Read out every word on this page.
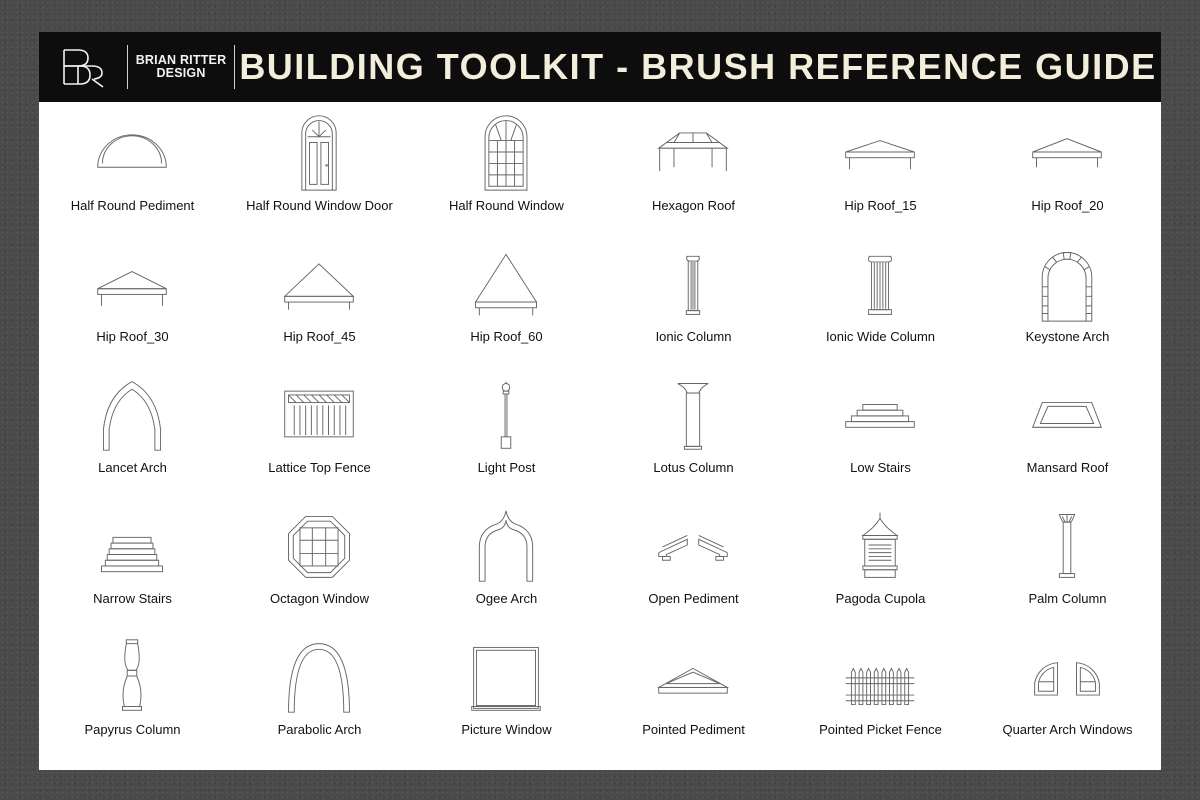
BRIAN RITTER
DESIGN BUILDING TOOLKIT - BRUSH REFERENCE GUIDE
Half Round Pediment	Half Round Window Door	Half Round Window	Hexagon Roof	Hip Roof_15	Hip Roof_20
Hip Roof_30	Hip Roof_45	Hip Roof_60	Ionic Column	Ionic Wide Column	Keystone Arch
Lancet Arch	Lattice Top Fence	Light Post	Lotus Column	Low Stairs	Mansard Roof
Narrow Stairs	Octagon Window	Ogee Arch	Open Pediment	Pagoda Cupola	Palm Column
Papyrus Column	Parabolic Arch	Picture Window	Pointed Pediment	Pointed Picket Fence	Quarter Arch Windows
